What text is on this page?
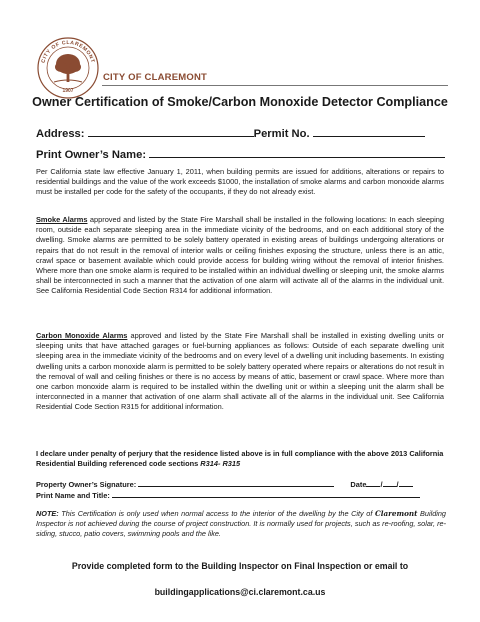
CITY OF CLAREMONT
1907
CITY OF CLAREMONT
Owner Certification of Smoke/Carbon Monoxide Detector Compliance
Address:	Permit No.
Print Owner’s Name:
Per California state law effective January 1, 2011, when building permits are issued for additions, alterations or repairs to residential buildings and the value of the work exceeds $1000, the installation of smoke alarms and carbon monoxide alarms must be installed per code for the safety of the occupants, if they do not already exist.
Smoke Alarms approved and listed by the State Fire Marshall shall be installed in the following locations: In each sleeping room, outside each separate sleeping area in the immediate vicinity of the bedrooms, and on each additional story of the dwelling. Smoke alarms are permitted to be solely battery operated in existing areas of buildings undergoing alterations or repairs that do not result in the removal of interior walls or ceiling finishes exposing the structure, unless there is an attic, crawl space or basement available which could provide access for building wiring without the removal of interior finishes. Where more than one smoke alarm is required to be installed within an individual dwelling or sleeping unit, the smoke alarms shall be interconnected in such a manner that the activation of one alarm will activate all of the alarms in the individual unit. See California Residential Code Section R314 for additional information.
Carbon Monoxide Alarms approved and listed by the State Fire Marshall shall be installed in existing dwelling units or sleeping units that have attached garages or fuel-burning appliances as follows: Outside of each separate dwelling unit sleeping area in the immediate vicinity of the bedrooms and on every level of a dwelling unit including basements. In existing dwelling units a carbon monoxide alarm is permitted to be solely battery operated where repairs or alterations do not result in the removal of wall and ceiling finishes or there is no access by means of attic, basement or crawl space. Where more than one carbon monoxide alarm is required to be installed within the dwelling unit or within a sleeping unit the alarm shall be interconnected in a manner that activation of one alarm shall activate all of the alarms in the individual unit. See California Residential Code Section R315 for additional information.
I declare under penalty of perjury that the residence listed above is in full compliance with the above 2013 California Residential Building referenced code sections R314- R315
Property Owner’s Signature:	Date / /
Print Name and Title:
NOTE: This Certification is only used when normal access to the interior of the dwelling by the City of Claremont Building Inspector is not achieved during the course of project construction. It is normally used for projects, such as re-roofing, solar, re-siding, stucco, patio covers, swimming pools and the like.
Provide completed form to the Building Inspector on Final Inspection or email to
buildingapplications@ci.claremont.ca.us
